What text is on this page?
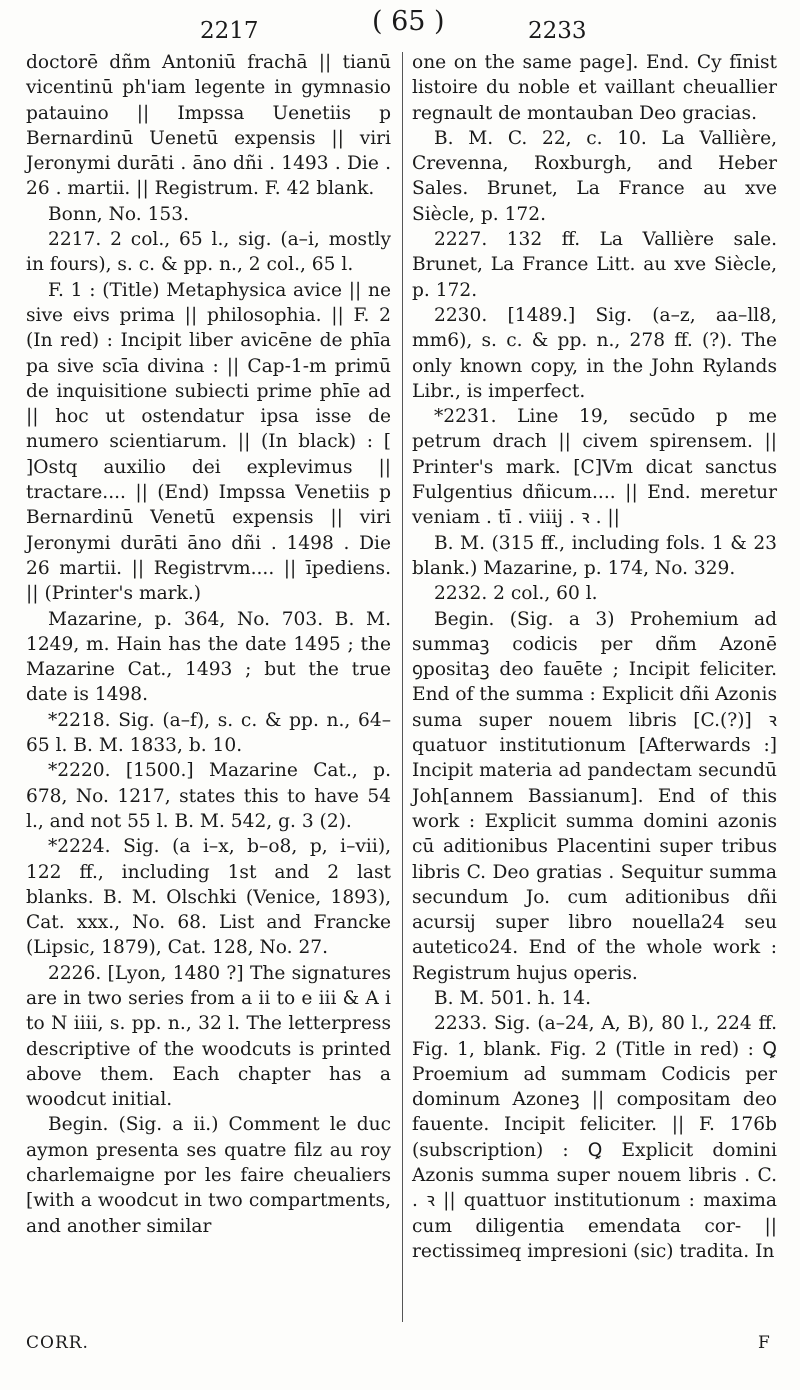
2217	( 65 )	2233

doctorē dñm Antoniū frachā || tianū vicentinū ph'iam legente in gymnasio patauino || Impssa Uenetiis p Bernardinū Uenetū expensis || viri Jeronymi durāti . āno dñi . 1493 . Die . 26 . martii. || Registrum. F. 42 blank.

Bonn, No. 153.

2217. 2 col., 65 l., sig. (a–i, mostly in fours), s. c. & pp. n., 2 col., 65 l.

F. 1 : (Title) Metaphysica avice || ne sive eivs prima || philosophia. || F. 2 (In red) : Incipit liber avicēne de phīa pa sive scīa divina : || Cap-1-m primū de inquisitione subiecti prime phīe ad || hoc ut ostendatur ipsa isse de numero scientiarum. || (In black) : [ ]Ostq auxilio dei explevimus || tractare.... || (End) Impssa Venetiis p Bernardinū Venetū expensis || viri Jeronymi durāti āno dñi . 1498 . Die 26 martii. || Registrvm.... || īpediens. || (Printer's mark.)

Mazarine, p. 364, No. 703. B. M. 1249, m. Hain has the date 1495 ; the Mazarine Cat., 1493 ; but the true date is 1498.

*2218. Sig. (a–f), s. c. & pp. n., 64–65 l. B. M. 1833, b. 10.

*2220. [1500.] Mazarine Cat., p. 678, No. 1217, states this to have 54 l., and not 55 l. B. M. 542, g. 3 (2).

*2224. Sig. (a i–x, b–o8, p, i–vii), 122 ff., including 1st and 2 last blanks. B. M. Olschki (Venice, 1893), Cat. xxx., No. 68. List and Francke (Lipsic, 1879), Cat. 128, No. 27.

2226. [Lyon, 1480 ?] The signatures are in two series from a ii to e iii & A i to N iiii, s. pp. n., 32 l. The letterpress descriptive of the woodcuts is printed above them. Each chapter has a woodcut initial.

Begin. (Sig. a ii.) Comment le duc aymon presenta ses quatre filz au roy charlemaigne por les faire cheualiers [with a woodcut in two compartments, and another similar

one on the same page]. End. Cy fīnist listoire du noble et vaillant cheuallier regnault de montauban Deo gracias.

B. M. C. 22, c. 10. La Vallière, Crevenna, Roxburgh, and Heber Sales. Brunet, La France au xve Siècle, p. 172.

2227. 132 ff. La Vallière sale. Brunet, La France Litt. au xve Siècle, p. 172.

2230. [1489.] Sig. (a–z, aa–ll8, mm6), s. c. & pp. n., 278 ff. (?). The only known copy, in the John Rylands Libr., is imperfect.

*2231. Line 19, secūdo p me petrum drach || civem spirensem. || Printer's mark. [C]Vm dicat sanctus Fulgentius dñicum.... || End. meretur veniam . tī . viiij . ꝛ . ||

B. M. (315 ff., including fols. 1 & 23 blank.) Mazarine, p. 174, No. 329.

2232. 2 col., 60 l.

Begin. (Sig. a 3) Prohemium ad summaꝫ codicis per dñm Azonē ꝯpositaꝫ deo fauēte ; Incipit feliciter. End of the summa : Explicit dñi Azonis suma super nouem libris [C.(?)] ꝛ quatuor institutionum [Afterwards :] Incipit materia ad pandectam secundū Joh[annem Bassianum]. End of this work : Explicit summa domini azonis cū aditionibus Placentini super tribus libris C. Deo gratias . Sequitur summa secundum Jo. cum aditionibus dñi acursij super libro nouella24 seu autetico24. End of the whole work : Registrum hujus operis.

B. M. 501. h. 14.

2233. Sig. (a–24, A, B), 80 l., 224 ff. Fig. 1, blank. Fig. 2 (Title in red) : Ꝗ Proemium ad summam Codicis per dominum Azoneꝫ || compositam deo fauente. Incipit feliciter. || F. 176b (subscription) : Ꝗ Explicit domini Azonis summa super nouem libris . C. . ꝛ || quattuor institutionum : maxima cum diligentia emendata cor- || rectissimeq impresioni (sic) tradita. In

CORR.	F
